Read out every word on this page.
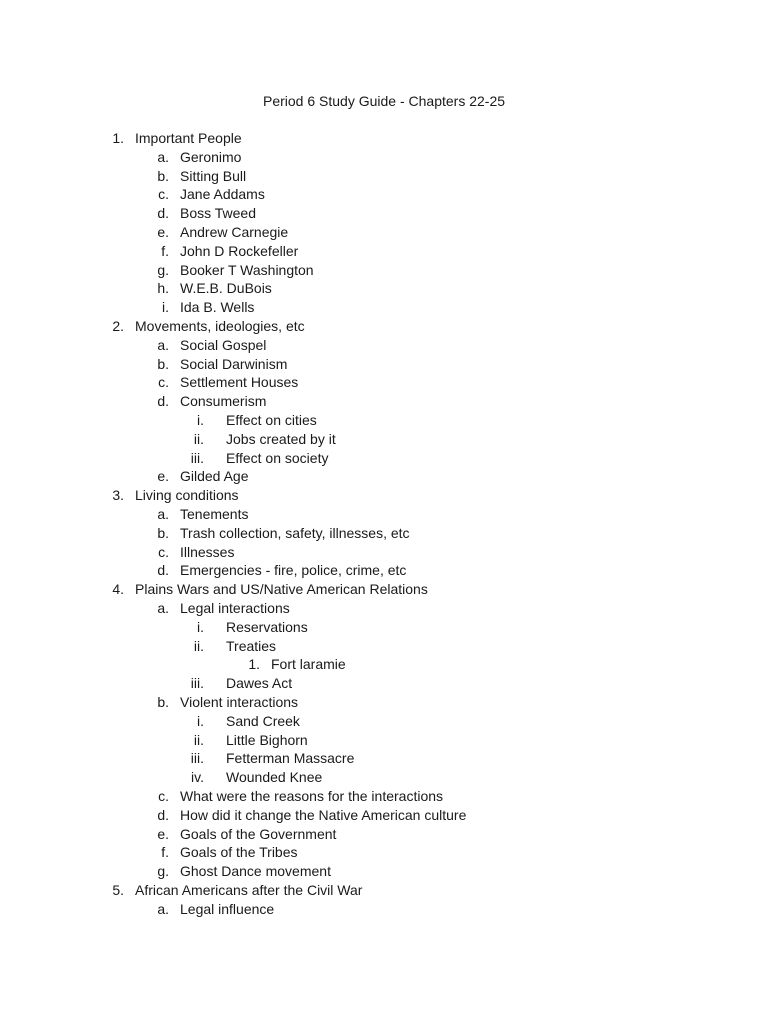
Period 6 Study Guide - Chapters 22-25
1. Important People
a. Geronimo
b. Sitting Bull
c. Jane Addams
d. Boss Tweed
e. Andrew Carnegie
f. John D Rockefeller
g. Booker T Washington
h. W.E.B. DuBois
i. Ida B. Wells
2. Movements, ideologies, etc
a. Social Gospel
b. Social Darwinism
c. Settlement Houses
d. Consumerism
i. Effect on cities
ii. Jobs created by it
iii. Effect on society
e. Gilded Age
3. Living conditions
a. Tenements
b. Trash collection, safety, illnesses, etc
c. Illnesses
d. Emergencies - fire, police, crime, etc
4. Plains Wars and US/Native American Relations
a. Legal interactions
i. Reservations
ii. Treaties
1. Fort laramie
iii. Dawes Act
b. Violent interactions
i. Sand Creek
ii. Little Bighorn
iii. Fetterman Massacre
iv. Wounded Knee
c. What were the reasons for the interactions
d. How did it change the Native American culture
e. Goals of the Government
f. Goals of the Tribes
g. Ghost Dance movement
5. African Americans after the Civil War
a. Legal influence
